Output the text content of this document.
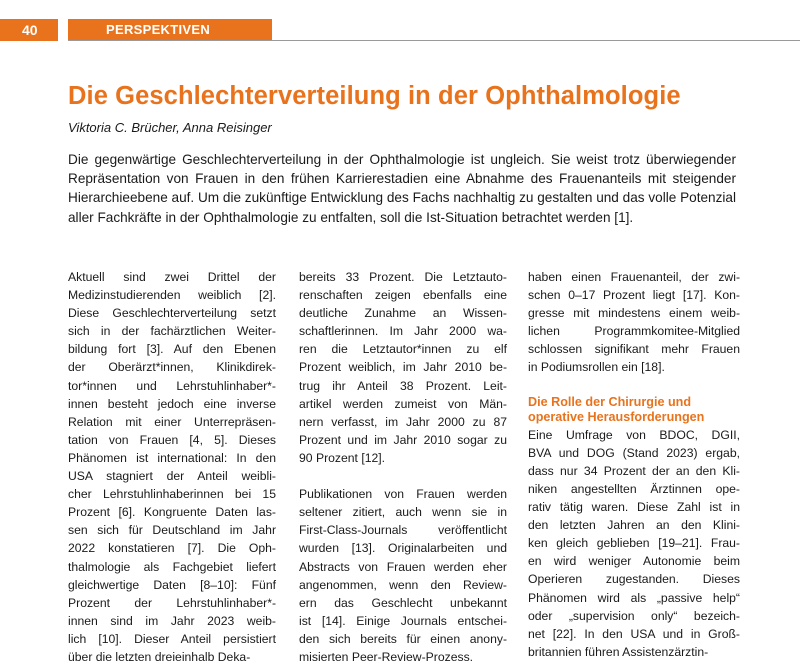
40	PERSPEKTIVEN
Die Geschlechterverteilung in der Ophthalmologie
Viktoria C. Brücher, Anna Reisinger

Die gegenwärtige Geschlechterverteilung in der Ophthalmologie ist ungleich. Sie weist trotz überwiegender Repräsentation von Frauen in den frühen Karrierestadien eine Abnahme des Frauenanteils mit steigender Hierarchieebene auf. Um die zukünftige Entwicklung des Fachs nachhaltig zu gestalten und das volle Potenzial aller Fachkräfte in der Ophthalmologie zu entfalten, soll die Ist-Situation betrachtet werden [1].

Aktuell sind zwei Drittel der
Medizinstudierenden weiblich [2].
Diese Geschlechterverteilung setzt
sich in der fachärztlichen Weiter-
bildung fort [3]. Auf den Ebenen
der Oberärzt*innen, Klinikdirek-
tor*innen und Lehrstuhlinhaber*-
innen besteht jedoch eine inverse
Relation mit einer Unterrepräsen-
tation von Frauen [4, 5]. Dieses
Phänomen ist international: In den
USA stagniert der Anteil weibli-
cher Lehrstuhlinhaberinnen bei 15
Prozent [6]. Kongruente Daten las-
sen sich für Deutschland im Jahr
2022 konstatieren [7]. Die Oph-
thalmologie als Fachgebiet liefert
gleichwertige Daten [8–10]: Fünf
Prozent der Lehrstuhlinhaber*-
innen sind im Jahr 2023 weib-
lich [10]. Dieser Anteil persistiert
über die letzten dreieinhalb Deka-
bereits 33 Prozent. Die Letztauto-
renschaften zeigen ebenfalls eine
deutliche Zunahme an Wissen-
schaftlerinnen. Im Jahr 2000 wa-
ren die Letztautor*innen zu elf
Prozent weiblich, im Jahr 2010 be-
trug ihr Anteil 38 Prozent. Leit-
artikel werden zumeist von Män-
nern verfasst, im Jahr 2000 zu 87
Prozent und im Jahr 2010 sogar zu
90 Prozent [12].
Publikationen von Frauen werden
seltener zitiert, auch wenn sie in
First-Class-Journals veröffentlicht
wurden [13]. Originalarbeiten und
Abstracts von Frauen werden eher
angenommen, wenn den Review-
ern das Geschlecht unbekannt
ist [14]. Einige Journals entschei-
den sich bereits für einen anony-
misierten Peer-Review-Prozess.
haben einen Frauenanteil, der zwi-
schen 0–17 Prozent liegt [17]. Kon-
gresse mit mindestens einem weib-
lichen Programmkomitee-Mitglied
schlossen signifikant mehr Frauen
in Podiumsrollen ein [18].
Die Rolle der Chirurgie und
operative Herausforderungen
Eine Umfrage von BDOC, DGII,
BVA und DOG (Stand 2023) ergab,
dass nur 34 Prozent der an den Kli-
niken angestellten Ärztinnen ope-
rativ tätig waren. Diese Zahl ist in
den letzten Jahren an den Klini-
ken gleich geblieben [19–21]. Frau-
en wird weniger Autonomie beim
Operieren zugestanden. Dieses
Phänomen wird als „passive help“
oder „supervision only“ bezeich-
net [22]. In den USA und in Groß-
britannien führen Assistenzärztin-
